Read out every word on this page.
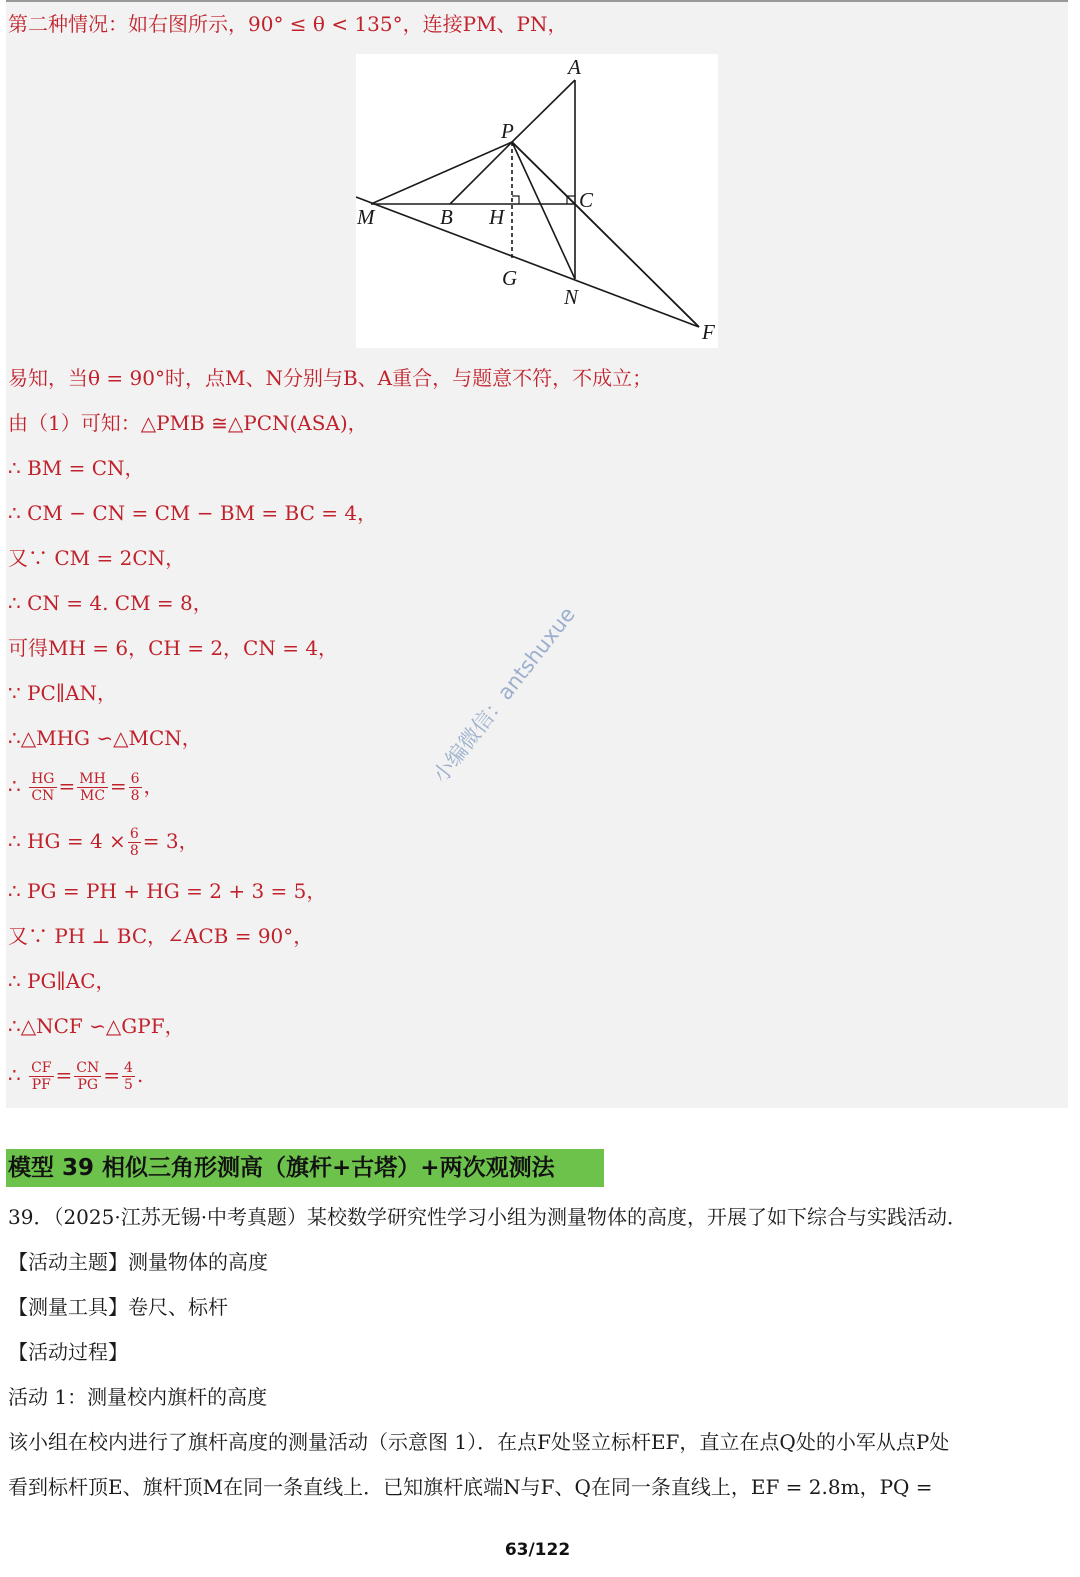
第二种情况：如右图所示，90° ≤ θ < 135°，连接PM、PN，
A
P
C
M	B H
G
N
F
易知，当θ = 90°时，点M、N分别与B、A重合，与题意不符，不成立；
由（1）可知：△PMB ≅△PCN(ASA)，
∴ BM = CN，
∴ CM − CN = CM − BM = BC = 4，
又∵ CM = 2CN，
∴ CN = 4. CM = 8，
可得MH = 6，CH = 2，CN = 4，
∵ PC∥AN，
∴△MHG ∽△MCN，
∴ $\frac{HG}{CN} = \frac{MH}{MC} = \frac{6}{8}$ ，
∴ HG = $4 \times \frac{6}{8} = 3$，
∴ PG = PH + HG = 2 + 3 = 5，
又∵ PH ⊥ BC，∠ACB = 90°，
∴ PG∥AC，
∴△NCF ∽△GPF，
∴ $\frac{CF}{PF} = \frac{CN}{PG} = \frac{4}{5}$ .
小编微信：antshuxue
模型 39 相似三角形测高（旗杆+古塔）+两次观测法
39．（2025·江苏无锡·中考真题）某校数学研究性学习小组为测量物体的高度，开展了如下综合与实践活动．
【活动主题】测量物体的高度
【测量工具】卷尺、标杆
【活动过程】
活动 1：测量校内旗杆的高度
该小组在校内进行了旗杆高度的测量活动（示意图 1）．在点F处竖立标杆EF，直立在点Q处的小军从点P处
看到标杆顶E、旗杆顶M在同一条直线上．已知旗杆底端N与F、Q在同一条直线上，EF = 2.8m，PQ =
63/122
